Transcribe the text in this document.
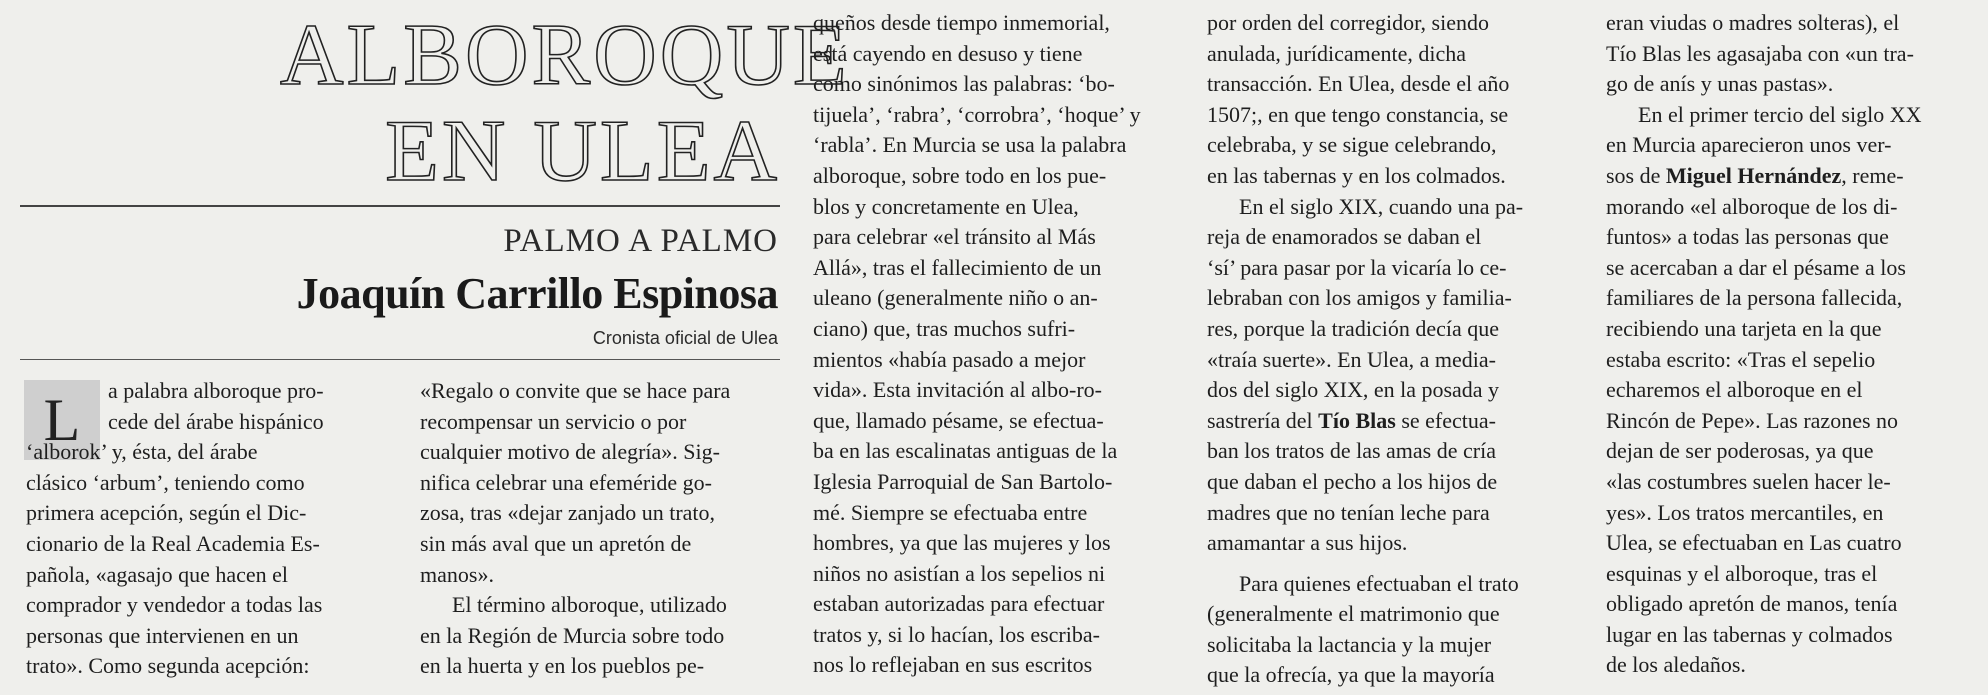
ALBOROQUE
EN ULEA
PALMO A PALMO
Joaquín Carrillo Espinosa
Cronista oficial de Ulea
L	a palabra alboroque pro-
cede del árabe hispánico
‘alborok’ y, ésta, del árabe
clásico ‘arbum’, teniendo como
primera acepción, según el Dic-
cionario de la Real Academia Es-
pañola, «agasajo que hacen el
comprador y vendedor a todas las
personas que intervienen en un
trato». Como segunda acepción:
«Regalo o convite que se hace para
recompensar un servicio o por
cualquier motivo de alegría». Sig-
nifica celebrar una efeméride go-
zosa, tras «dejar zanjado un trato,
sin más aval que un apretón de
manos».
El término alboroque, utilizado
en la Región de Murcia sobre todo
en la huerta y en los pueblos pe-
queños desde tiempo inmemorial,
está cayendo en desuso y tiene
como sinónimos las palabras: ‘bo-
tijuela’, ‘rabra’, ‘corrobra’, ‘hoque’ y
‘rabla’. En Murcia se usa la palabra
alboroque, sobre todo en los pue-
blos y concretamente en Ulea,
para celebrar «el tránsito al Más
Allá», tras el fallecimiento de un
uleano (generalmente niño o an-
ciano) que, tras muchos sufri-
mientos «había pasado a mejor
vida». Esta invitación al albo-ro-
que, llamado pésame, se efectua-
ba en las escalinatas antiguas de la
Iglesia Parroquial de San Bartolo-
mé. Siempre se efectuaba entre
hombres, ya que las mujeres y los
niños no asistían a los sepelios ni
estaban autorizadas para efectuar
tratos y, si lo hacían, los escriba-
nos lo reflejaban en sus escritos
por orden del corregidor, siendo
anulada, jurídicamente, dicha
transacción. En Ulea, desde el año
1507;, en que tengo constancia, se
celebraba, y se sigue celebrando,
en las tabernas y en los colmados.
En el siglo XIX, cuando una pa-
reja de enamorados se daban el
‘sí’ para pasar por la vicaría lo ce-
lebraban con los amigos y familia-
res, porque la tradición decía que
«traía suerte». En Ulea, a media-
dos del siglo XIX, en la posada y
sastrería del Tío Blas se efectua-
ban los tratos de las amas de cría
que daban el pecho a los hijos de
madres que no tenían leche para
amamantar a sus hijos.
Para quienes efectuaban el trato
(generalmente el matrimonio que
solicitaba la lactancia y la mujer
que la ofrecía, ya que la mayoría
eran viudas o madres solteras), el
Tío Blas les agasajaba con «un tra-
go de anís y unas pastas».
En el primer tercio del siglo XX
en Murcia aparecieron unos ver-
sos de Miguel Hernández, reme-
morando «el alboroque de los di-
funtos» a todas las personas que
se acercaban a dar el pésame a los
familiares de la persona fallecida,
recibiendo una tarjeta en la que
estaba escrito: «Tras el sepelio
echaremos el alboroque en el
Rincón de Pepe». Las razones no
dejan de ser poderosas, ya que
«las costumbres suelen hacer le-
yes». Los tratos mercantiles, en
Ulea, se efectuaban en Las cuatro
esquinas y el alboroque, tras el
obligado apretón de manos, tenía
lugar en las tabernas y colmados
de los aledaños.
